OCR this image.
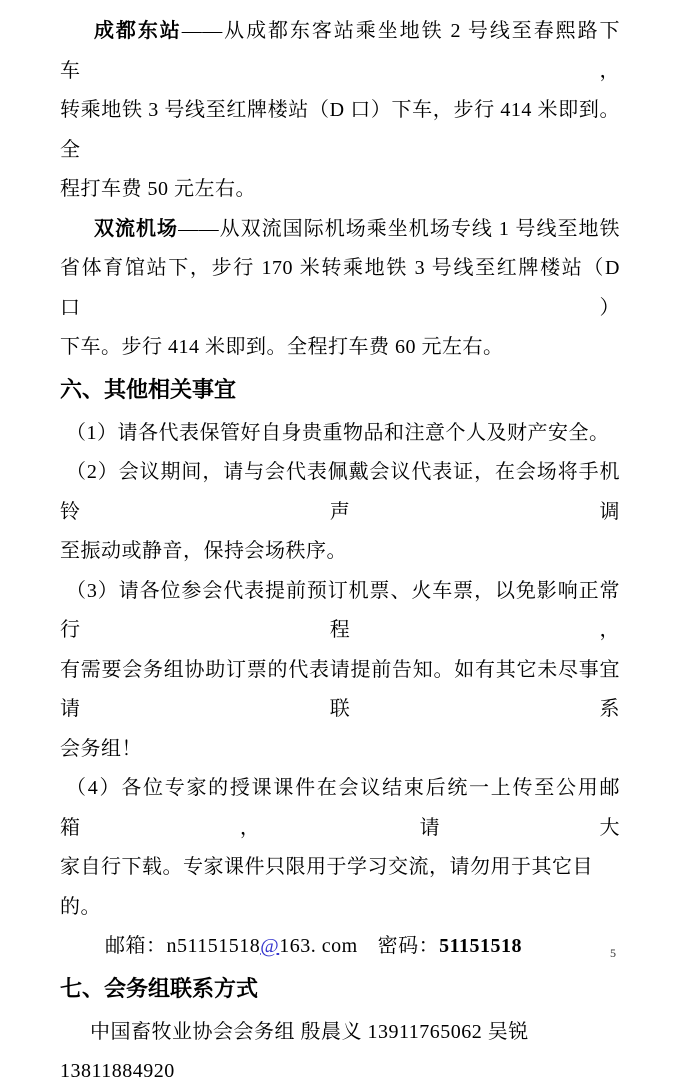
成都东站——从成都东客站乘坐地铁 2 号线至春熙路下车，
转乘地铁 3 号线至红牌楼站（D 口）下车，步行 414 米即到。全
程打车费 50 元左右。

双流机场——从双流国际机场乘坐机场专线 1 号线至地铁
省体育馆站下，步行 170 米转乘地铁 3 号线至红牌楼站（D 口）
下车。步行 414 米即到。全程打车费 60 元左右。

六、其他相关事宜

（1）请各代表保管好自身贵重物品和注意个人及财产安全。

（2）会议期间，请与会代表佩戴会议代表证，在会场将手机铃声调
至振动或静音，保持会场秩序。

（3）请各位参会代表提前预订机票、火车票，以免影响正常行程，
有需要会务组协助订票的代表请提前告知。如有其它未尽事宜请联系
会务组！

（4）各位专家的授课课件在会议结束后统一上传至公用邮箱，请大
家自行下载。专家课件只限用于学习交流，请勿用于其它目的。

邮箱：n51151518@163. com 密码：51151518

七、会务组联系方式

中国畜牧业协会会务组 殷晨义 13911765062 吴锐 13811884920

5
